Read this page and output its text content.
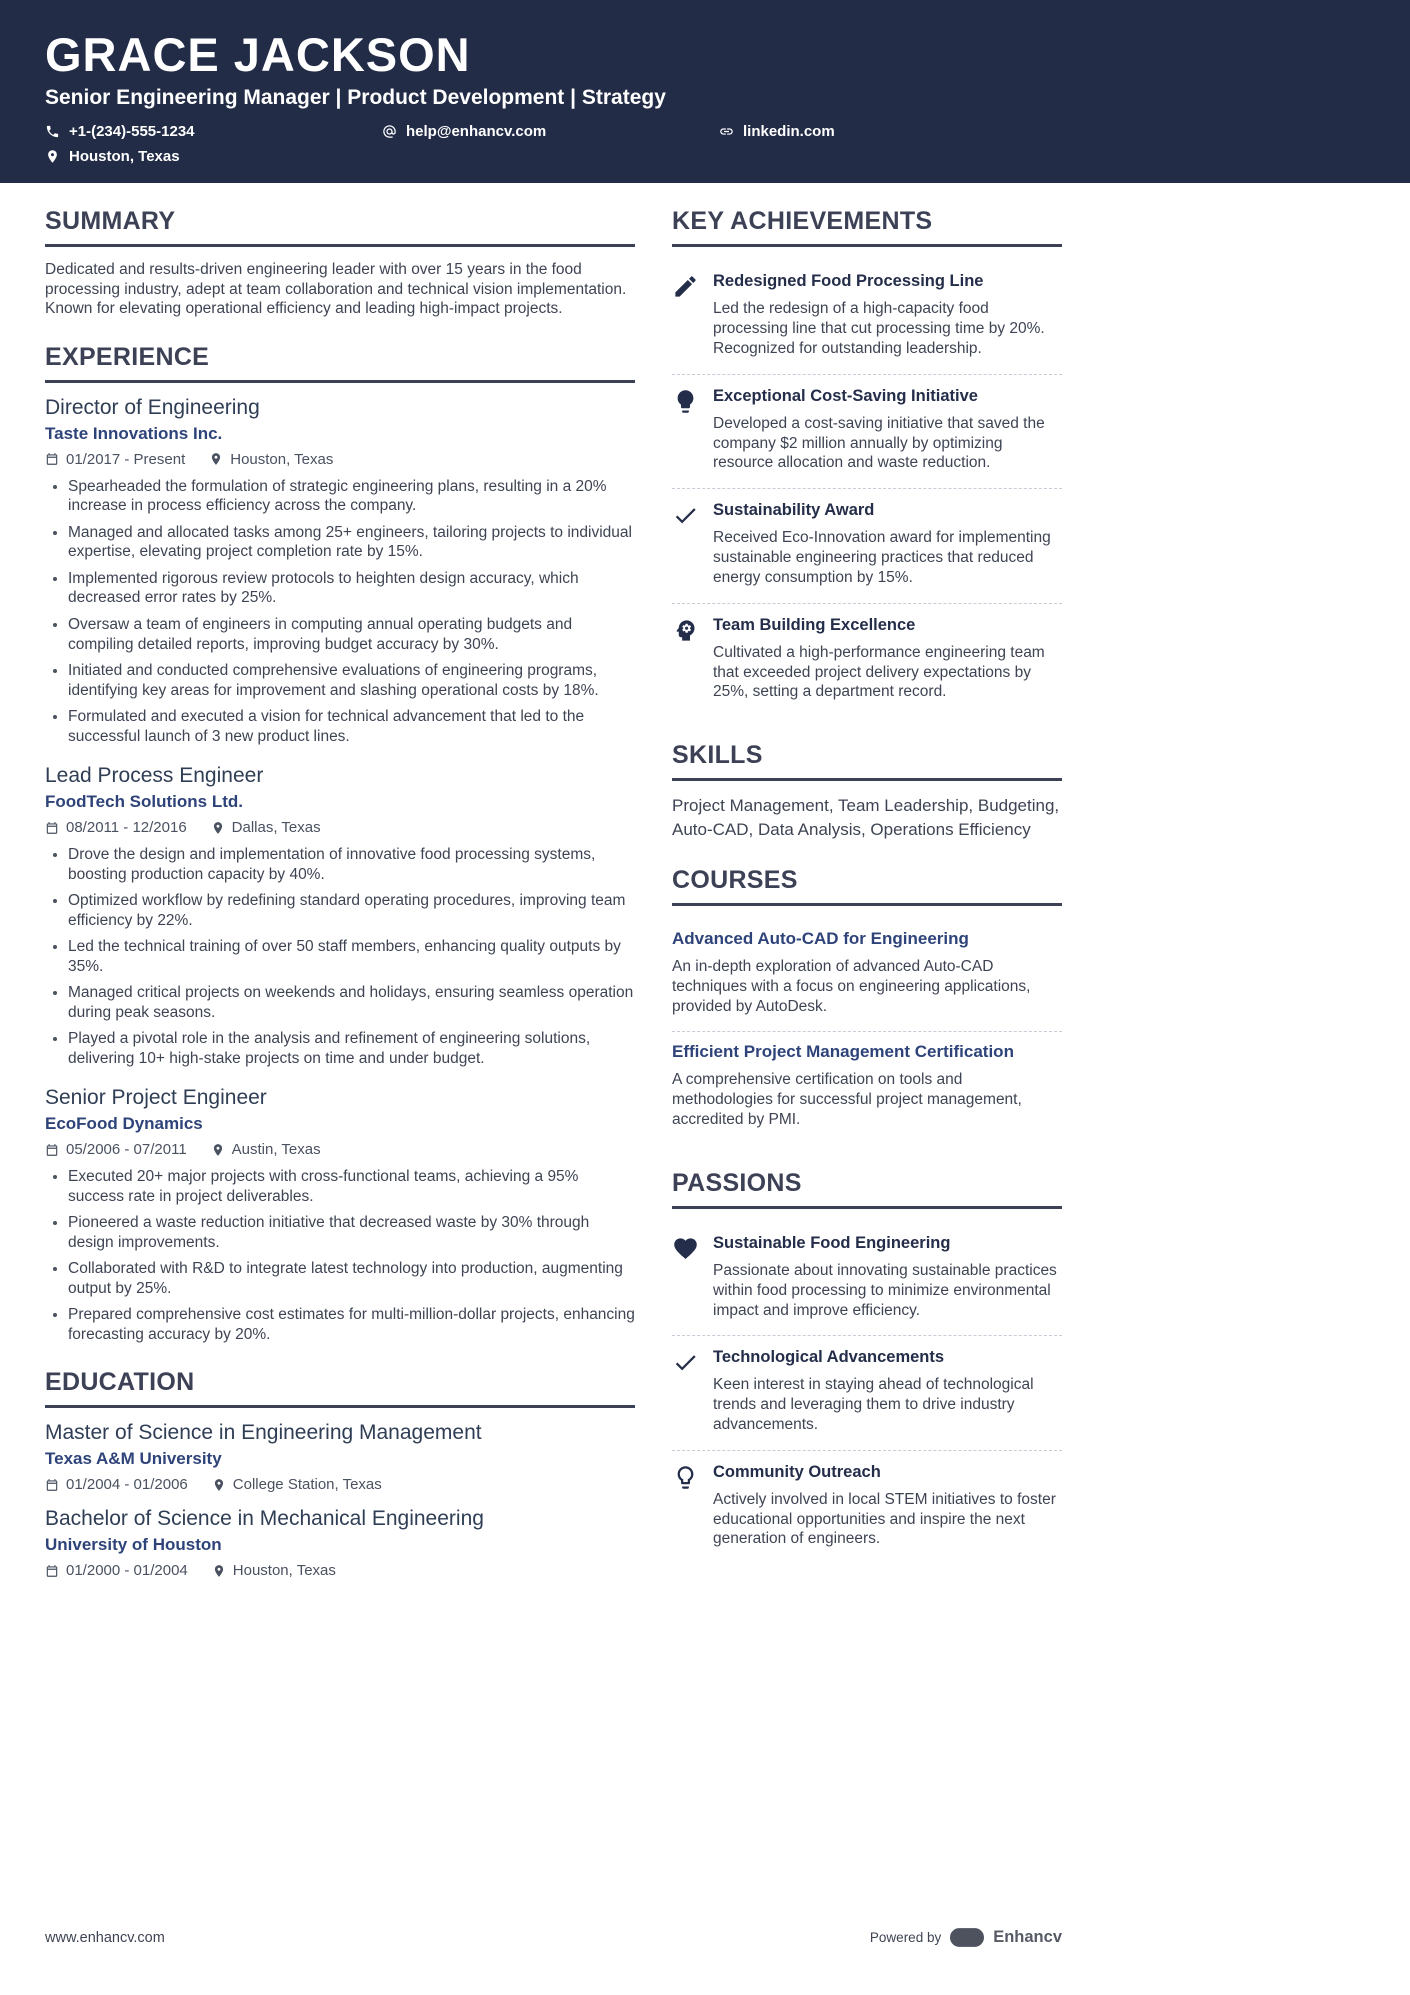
GRACE JACKSON
Senior Engineering Manager | Product Development | Strategy
+1-(234)-555-1234	help@enhancv.com	linkedin.com
Houston, Texas
SUMMARY

Dedicated and results-driven engineering leader with over 15 years in the food processing industry, adept at team collaboration and technical vision implementation. Known for elevating operational efficiency and leading high-impact projects.

EXPERIENCE
Director of Engineering
Taste Innovations Inc.
01/2017 - Present	Houston, Texas
• Spearheaded the formulation of strategic engineering plans, resulting in a 20% increase in process efficiency across the company.
• Managed and allocated tasks among 25+ engineers, tailoring projects to individual expertise, elevating project completion rate by 15%.
• Implemented rigorous review protocols to heighten design accuracy, which decreased error rates by 25%.
• Oversaw a team of engineers in computing annual operating budgets and compiling detailed reports, improving budget accuracy by 30%.
• Initiated and conducted comprehensive evaluations of engineering programs, identifying key areas for improvement and slashing operational costs by 18%.
• Formulated and executed a vision for technical advancement that led to the successful launch of 3 new product lines.
Lead Process Engineer
FoodTech Solutions Ltd.
08/2011 - 12/2016	Dallas, Texas
• Drove the design and implementation of innovative food processing systems, boosting production capacity by 40%.
• Optimized workflow by redefining standard operating procedures, improving team efficiency by 22%.
• Led the technical training of over 50 staff members, enhancing quality outputs by 35%.
• Managed critical projects on weekends and holidays, ensuring seamless operation during peak seasons.
• Played a pivotal role in the analysis and refinement of engineering solutions, delivering 10+ high-stake projects on time and under budget.
Senior Project Engineer
EcoFood Dynamics
05/2006 - 07/2011	Austin, Texas
• Executed 20+ major projects with cross-functional teams, achieving a 95% success rate in project deliverables.
• Pioneered a waste reduction initiative that decreased waste by 30% through design improvements.
• Collaborated with R&D to integrate latest technology into production, augmenting output by 25%.
• Prepared comprehensive cost estimates for multi-million-dollar projects, enhancing forecasting accuracy by 20%.
EDUCATION
Master of Science in Engineering Management
Texas A&M University
01/2004 - 01/2006	College Station, Texas
Bachelor of Science in Mechanical Engineering
University of Houston
01/2000 - 01/2004	Houston, Texas
KEY ACHIEVEMENTS
Redesigned Food Processing Line
Led the redesign of a high-capacity food processing line that cut processing time by 20%. Recognized for outstanding leadership.
Exceptional Cost-Saving Initiative
Developed a cost-saving initiative that saved the company $2 million annually by optimizing resource allocation and waste reduction.
Sustainability Award
Received Eco-Innovation award for implementing sustainable engineering practices that reduced energy consumption by 15%.
Team Building Excellence
Cultivated a high-performance engineering team that exceeded project delivery expectations by 25%, setting a department record.
SKILLS

Project Management, Team Leadership, Budgeting, Auto-CAD, Data Analysis, Operations Efficiency

COURSES
Advanced Auto-CAD for Engineering
An in-depth exploration of advanced Auto-CAD techniques with a focus on engineering applications, provided by AutoDesk.
Efficient Project Management Certification
A comprehensive certification on tools and methodologies for successful project management, accredited by PMI.
PASSIONS
Sustainable Food Engineering
Passionate about innovating sustainable practices within food processing to minimize environmental impact and improve efficiency.
Technological Advancements
Keen interest in staying ahead of technological trends and leveraging them to drive industry advancements.
Community Outreach
Actively involved in local STEM initiatives to foster educational opportunities and inspire the next generation of engineers.
www.enhancv.com	Powered by	Enhancv
